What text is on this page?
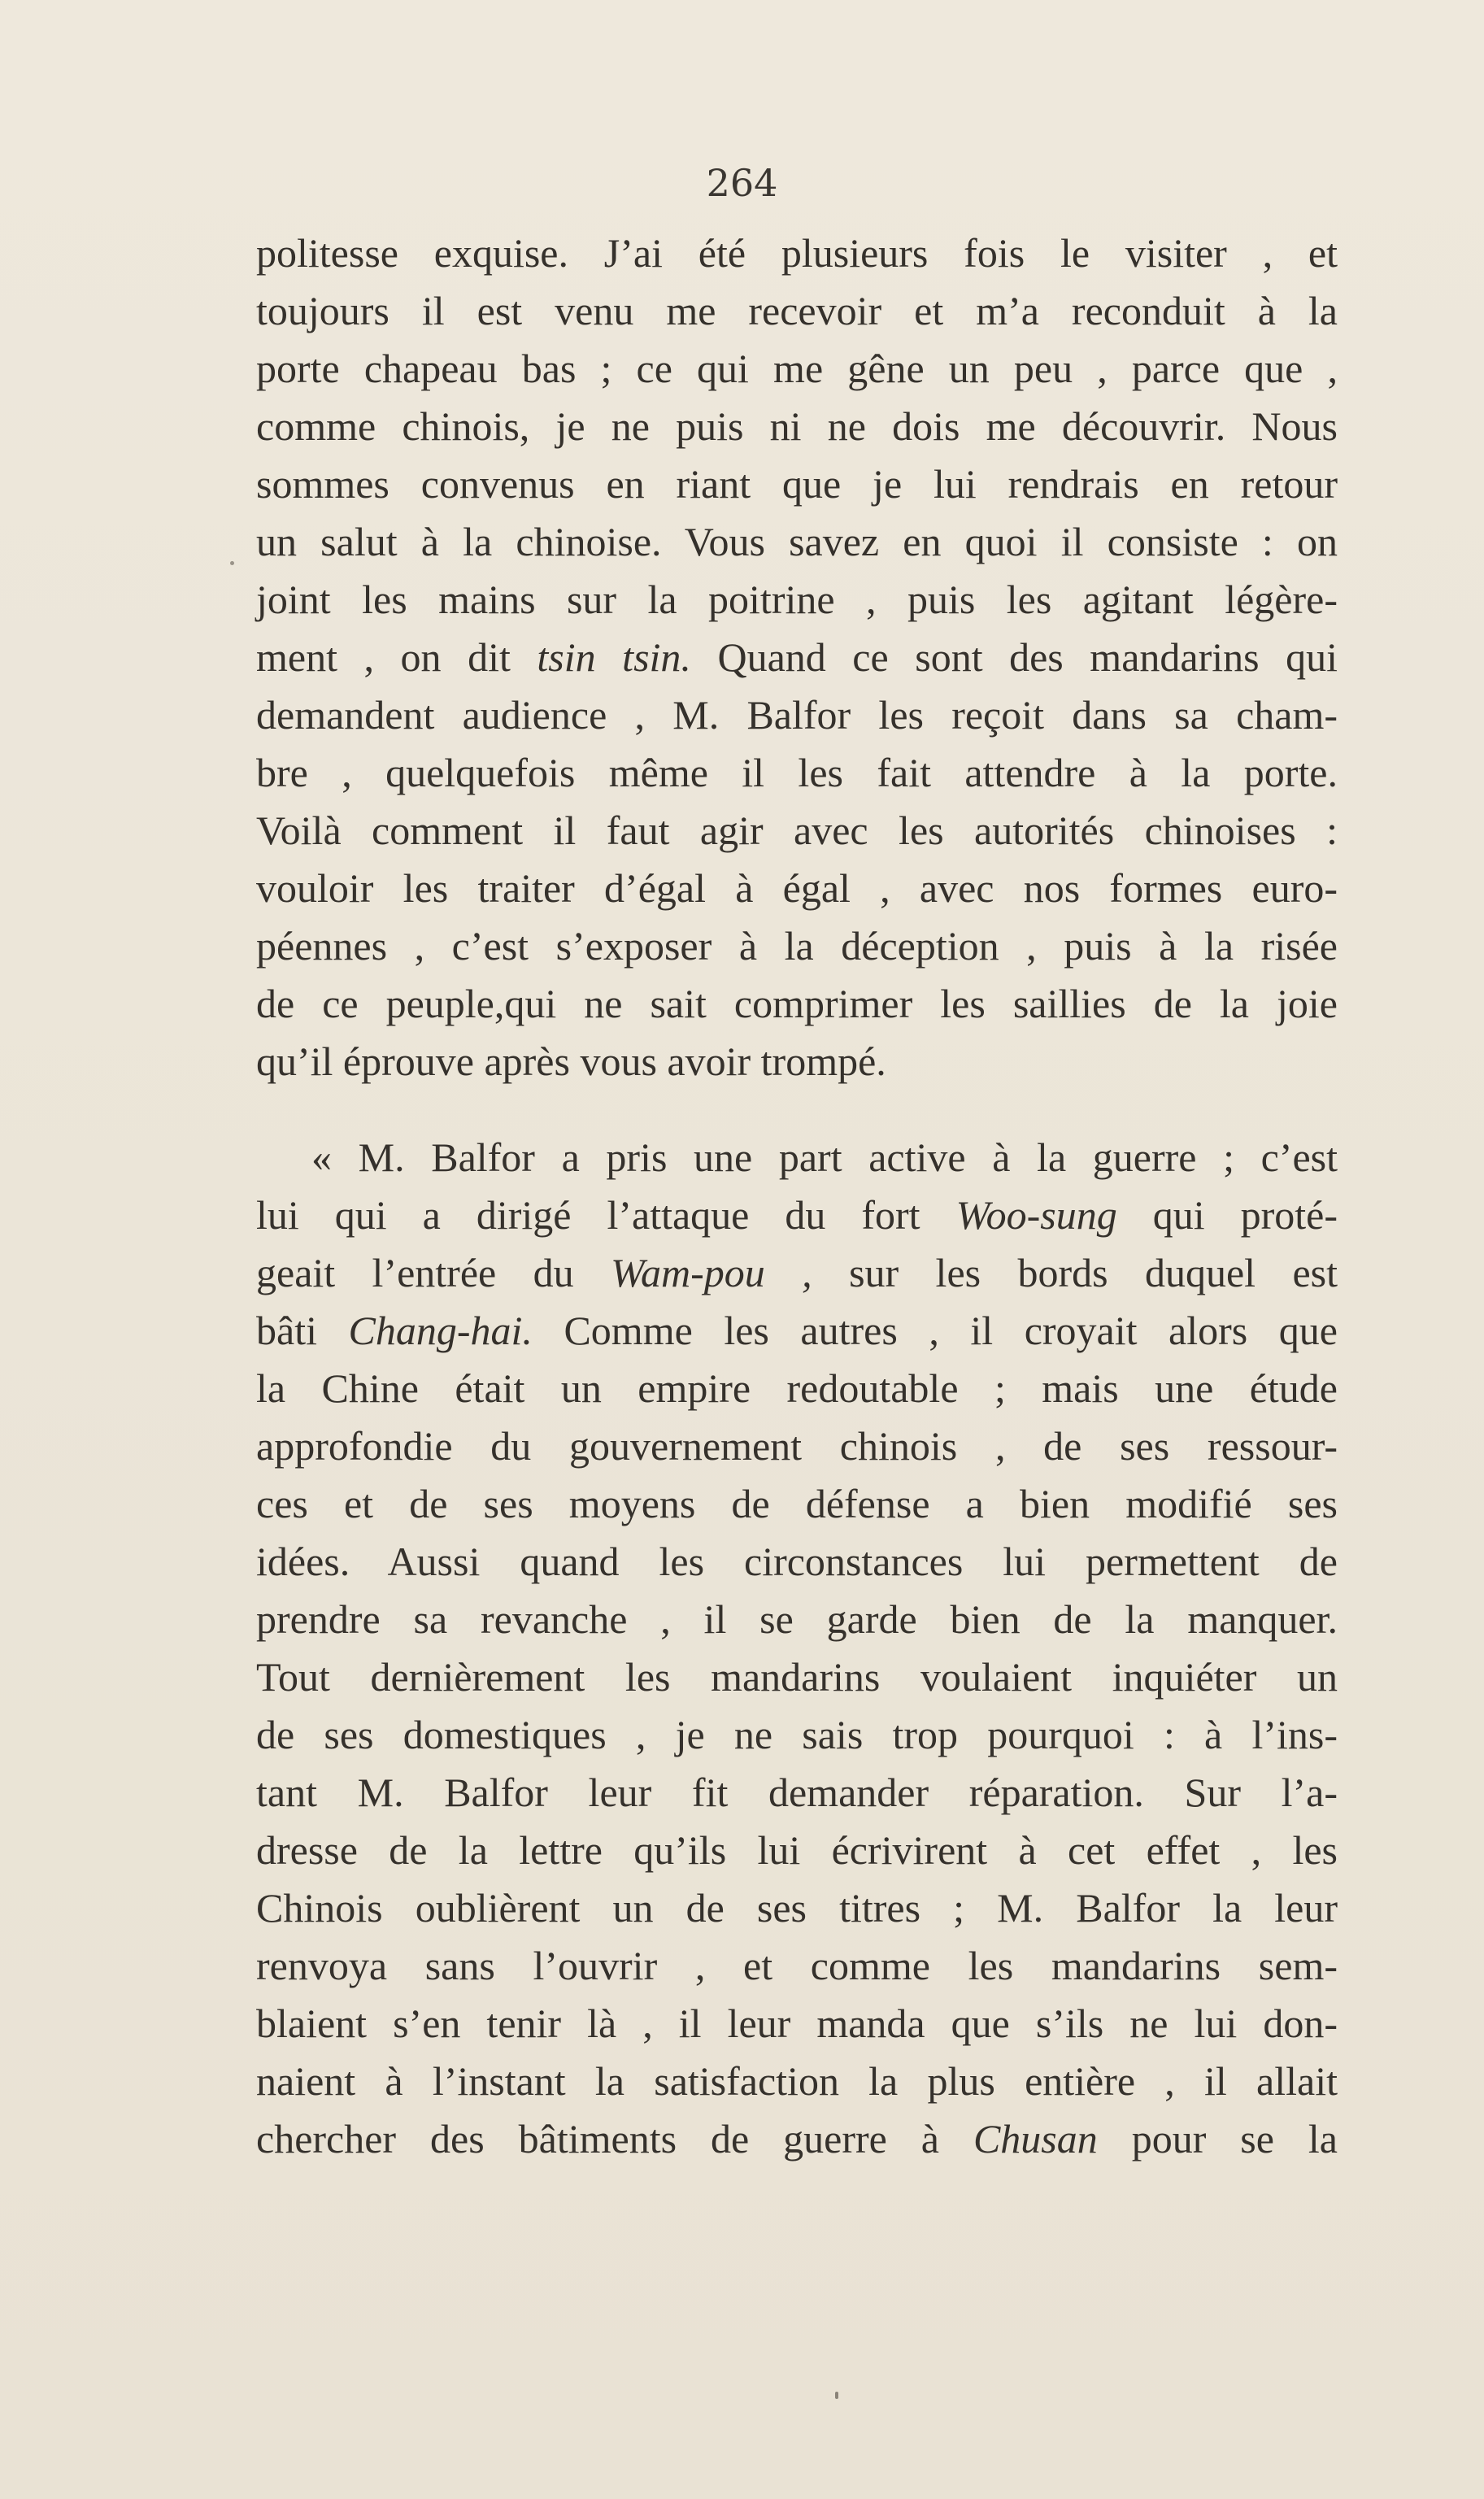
264
politesse exquise. J’ai été plusieurs fois le visiter , et
toujours il est venu me recevoir et m’a reconduit à la
porte chapeau bas ; ce qui me gêne un peu , parce que ,
comme chinois, je ne puis ni ne dois me découvrir. Nous
sommes convenus en riant que je lui rendrais en retour
un salut à la chinoise. Vous savez en quoi il consiste : on
joint les mains sur la poitrine , puis les agitant légère-
ment , on dit tsin tsin. Quand ce sont des mandarins qui
demandent audience , M. Balfor les reçoit dans sa cham-
bre , quelquefois même il les fait attendre à la porte.
Voilà comment il faut agir avec les autorités chinoises :
vouloir les traiter d’égal à égal , avec nos formes euro-
péennes , c’est s’exposer à la déception , puis à la risée
de ce peuple,qui ne sait comprimer les saillies de la joie
qu’il éprouve après vous avoir trompé.
« M. Balfor a pris une part active à la guerre ; c’est
lui qui a dirigé l’attaque du fort Woo-sung qui proté-
geait l’entrée du Wam-pou , sur les bords duquel est
bâti Chang-hai. Comme les autres , il croyait alors que
la Chine était un empire redoutable ; mais une étude
approfondie du gouvernement chinois , de ses ressour-
ces et de ses moyens de défense a bien modifié ses
idées. Aussi quand les circonstances lui permettent de
prendre sa revanche , il se garde bien de la manquer.
Tout dernièrement les mandarins voulaient inquiéter un
de ses domestiques , je ne sais trop pourquoi : à l’ins-
tant M. Balfor leur fit demander réparation. Sur l’a-
dresse de la lettre qu’ils lui écrivirent à cet effet , les
Chinois oublièrent un de ses titres ; M. Balfor la leur
renvoya sans l’ouvrir , et comme les mandarins sem-
blaient s’en tenir là , il leur manda que s’ils ne lui don-
naient à l’instant la satisfaction la plus entière , il allait
chercher des bâtiments de guerre à Chusan pour se la
